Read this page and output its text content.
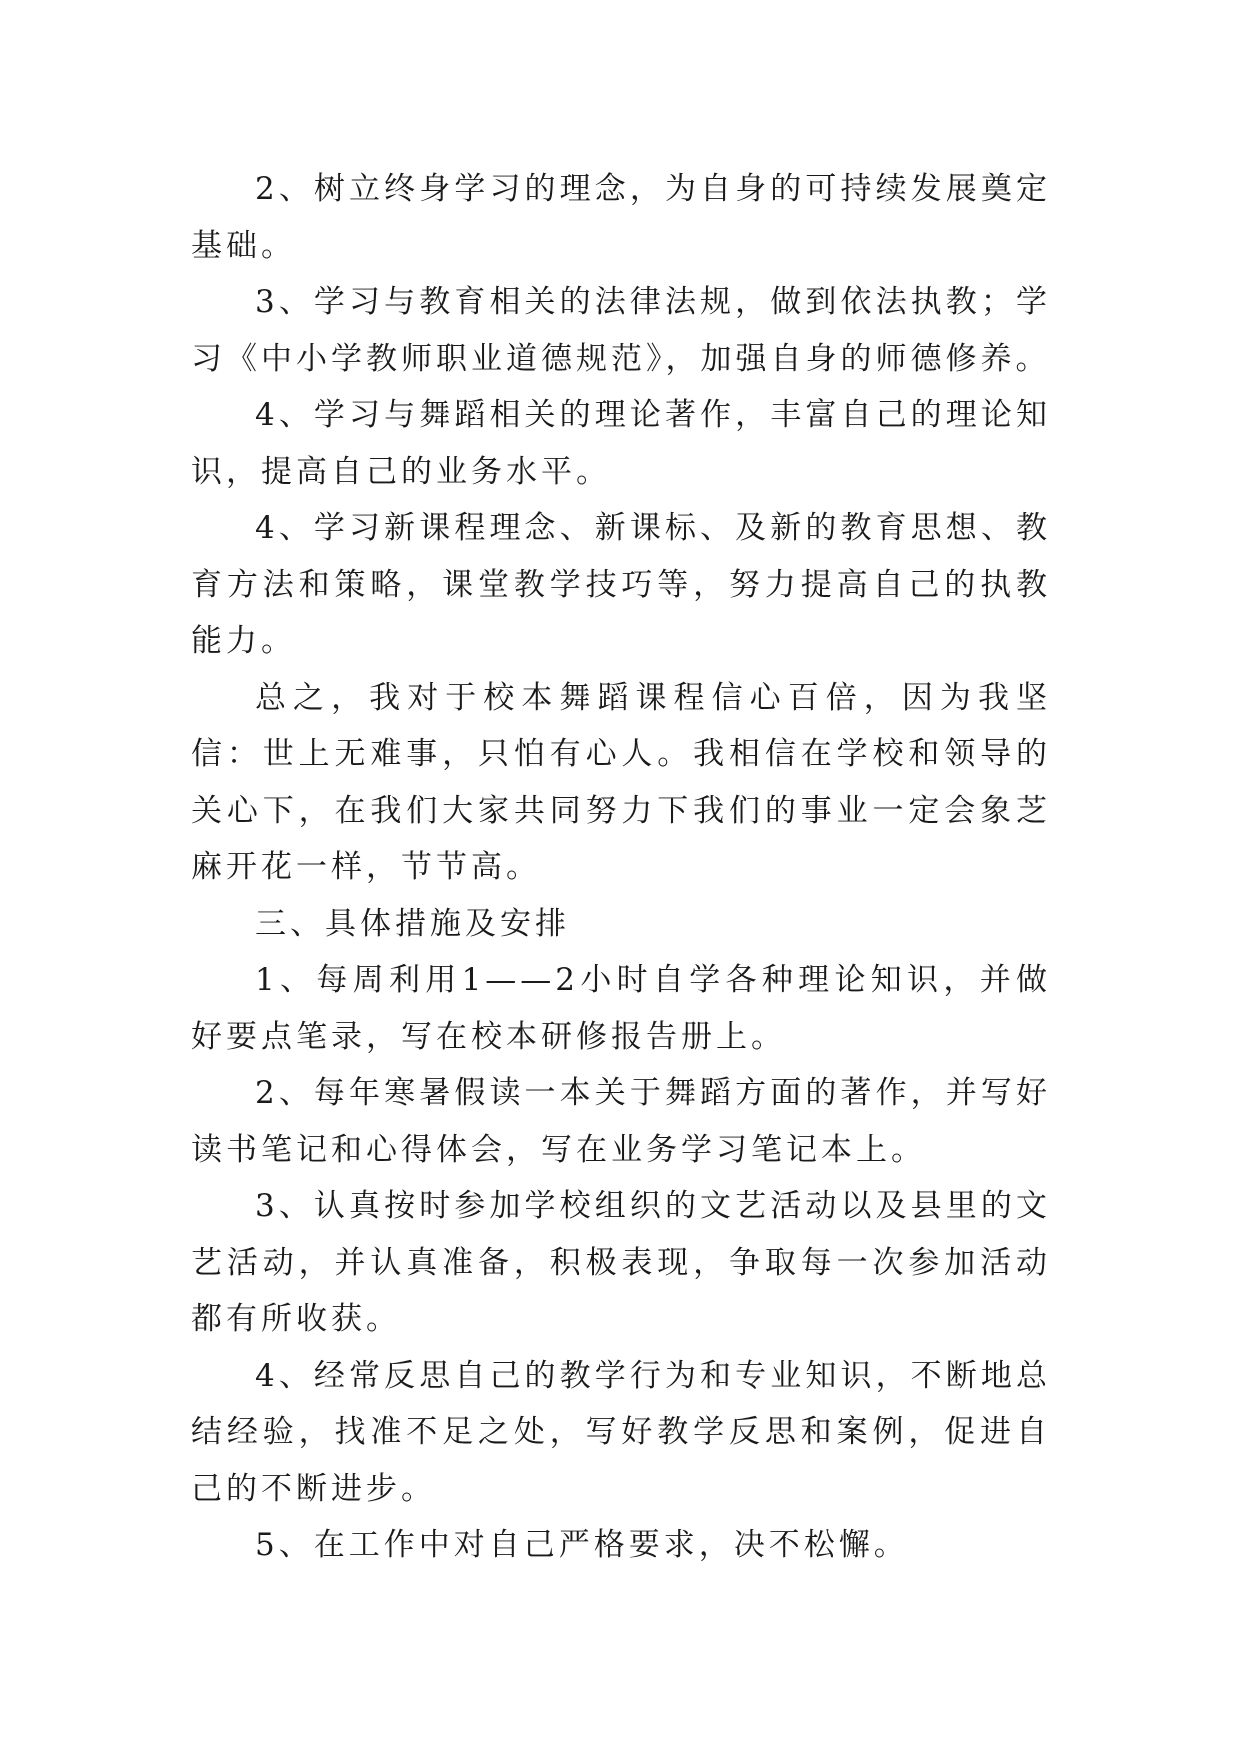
2、树立终身学习的理念，为自身的可持续发展奠定基础。

3、学习与教育相关的法律法规，做到依法执教；学习《中小学教师职业道德规范》，加强自身的师德修养。

4、学习与舞蹈相关的理论著作，丰富自己的理论知识，提高自己的业务水平。

4、学习新课程理念、新课标、及新的教育思想、教育方法和策略，课堂教学技巧等，努力提高自己的执教能力。

总之，我对于校本舞蹈课程信心百倍，因为我坚信：世上无难事，只怕有心人。我相信在学校和领导的关心下，在我们大家共同努力下我们的事业一定会象芝麻开花一样，节节高。

三、具体措施及安排

1、每周利用1——2小时自学各种理论知识，并做好要点笔录，写在校本研修报告册上。

2、每年寒暑假读一本关于舞蹈方面的著作，并写好读书笔记和心得体会，写在业务学习笔记本上。

3、认真按时参加学校组织的文艺活动以及县里的文艺活动，并认真准备，积极表现，争取每一次参加活动都有所收获。

4、经常反思自己的教学行为和专业知识，不断地总结经验，找准不足之处，写好教学反思和案例，促进自己的不断进步。

5、在工作中对自己严格要求，决不松懈。
